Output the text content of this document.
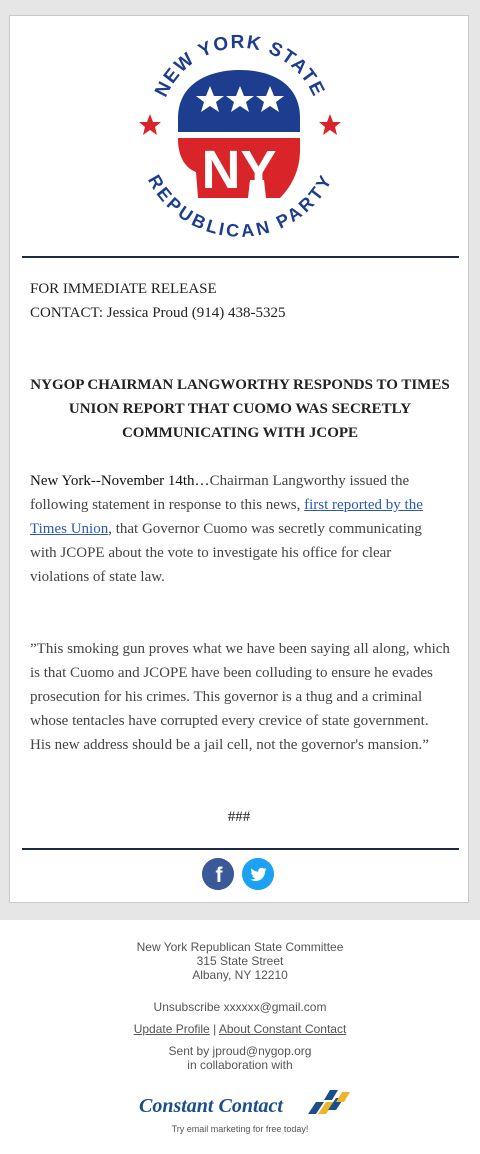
NEW YORK STATE
REPUBLICAN PARTY
NY
FOR IMMEDIATE RELEASE
CONTACT: Jessica Proud (914) 438-5325
NYGOP CHAIRMAN LANGWORTHY RESPONDS TO TIMES UNION REPORT THAT CUOMO WAS SECRETLY COMMUNICATING WITH JCOPE
New York--November 14th…Chairman Langworthy issued the following statement in response to this news, first reported by the Times Union, that Governor Cuomo was secretly communicating with JCOPE about the vote to investigate his office for clear violations of state law.
”This smoking gun proves what we have been saying all along, which is that Cuomo and JCOPE have been colluding to ensure he evades prosecution for his crimes. This governor is a thug and a criminal whose tentacles have corrupted every crevice of state government. His new address should be a jail cell, not the governor's mansion.”
###
f
New York Republican State Committee
315 State Street
Albany, NY 12210
Unsubscribe xxxxxx@gmail.com
Update Profile | About Constant Contact
Sent by jproud@nygop.org
in collaboration with
Constant Contact
Try email marketing for free today!
